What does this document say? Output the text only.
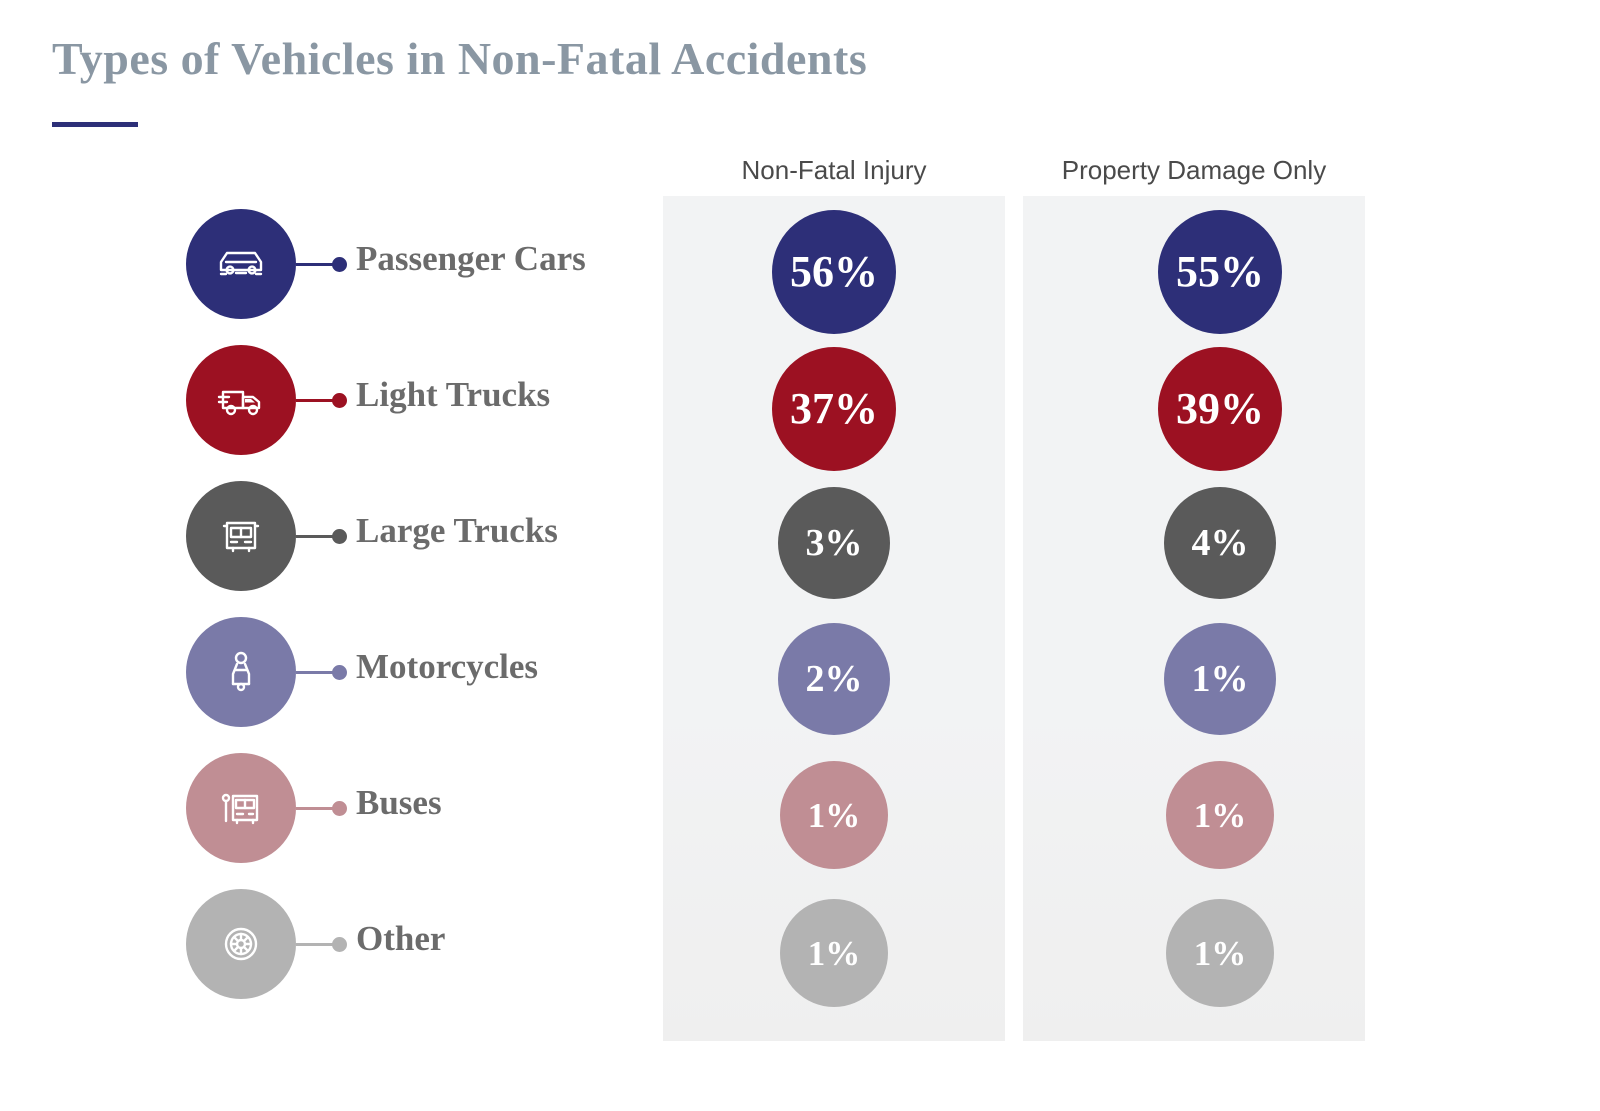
Types of Vehicles in Non-Fatal Accidents
Non-Fatal Injury	Property Damage Only
Passenger Cars
Light Trucks
Large Trucks
Motorcycles
Buses
Other
56%
37%
3%
2%
1%
1%
55%
39%
4%
1%
1%
1%
